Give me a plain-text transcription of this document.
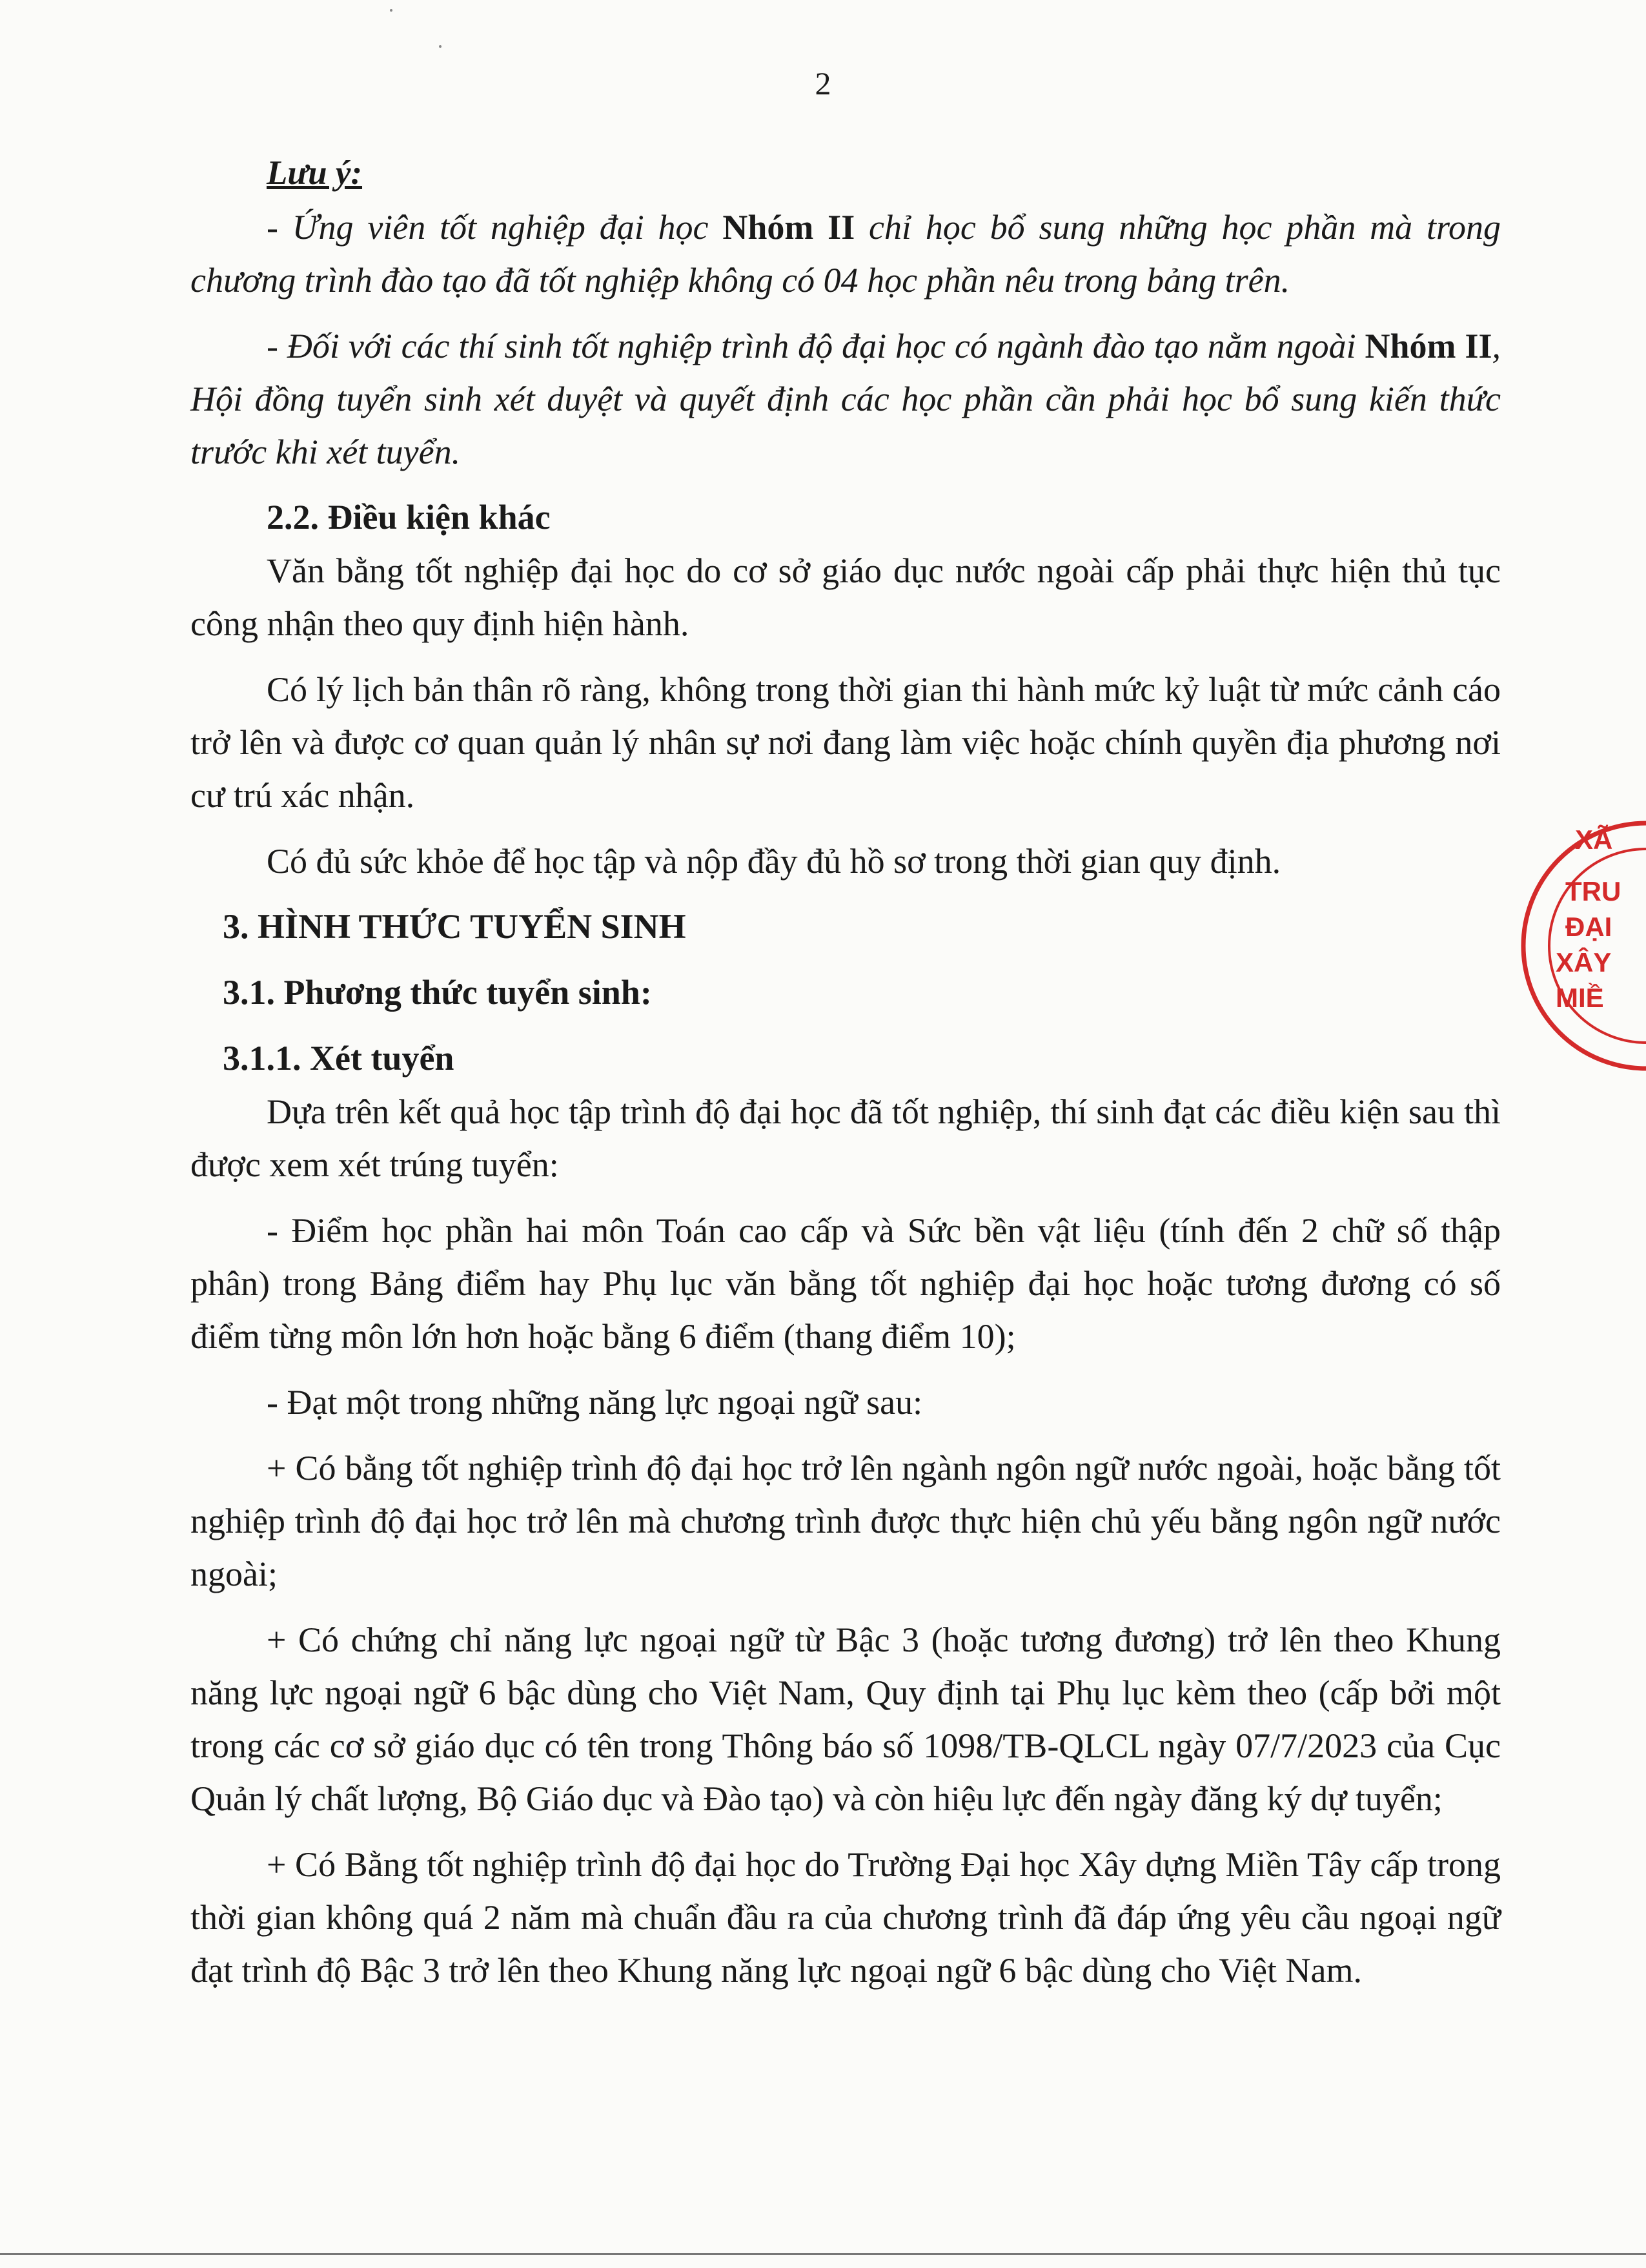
2
Lưu ý:

- Ứng viên tốt nghiệp đại học Nhóm II chỉ học bổ sung những học phần mà trong chương trình đào tạo đã tốt nghiệp không có 04 học phần nêu trong bảng trên.

- Đối với các thí sinh tốt nghiệp trình độ đại học có ngành đào tạo nằm ngoài Nhóm II, Hội đồng tuyển sinh xét duyệt và quyết định các học phần cần phải học bổ sung kiến thức trước khi xét tuyển.

2.2. Điều kiện khác

Văn bằng tốt nghiệp đại học do cơ sở giáo dục nước ngoài cấp phải thực hiện thủ tục công nhận theo quy định hiện hành.

Có lý lịch bản thân rõ ràng, không trong thời gian thi hành mức kỷ luật từ mức cảnh cáo trở lên và được cơ quan quản lý nhân sự nơi đang làm việc hoặc chính quyền địa phương nơi cư trú xác nhận.

Có đủ sức khỏe để học tập và nộp đầy đủ hồ sơ trong thời gian quy định.

3. HÌNH THỨC TUYỂN SINH
3.1. Phương thức tuyển sinh:
3.1.1. Xét tuyển

Dựa trên kết quả học tập trình độ đại học đã tốt nghiệp, thí sinh đạt các điều kiện sau thì được xem xét trúng tuyển:

- Điểm học phần hai môn Toán cao cấp và Sức bền vật liệu (tính đến 2 chữ số thập phân) trong Bảng điểm hay Phụ lục văn bằng tốt nghiệp đại học hoặc tương đương có số điểm từng môn lớn hơn hoặc bằng 6 điểm (thang điểm 10);

- Đạt một trong những năng lực ngoại ngữ sau:

+ Có bằng tốt nghiệp trình độ đại học trở lên ngành ngôn ngữ nước ngoài, hoặc bằng tốt nghiệp trình độ đại học trở lên mà chương trình được thực hiện chủ yếu bằng ngôn ngữ nước ngoài;

+ Có chứng chỉ năng lực ngoại ngữ từ Bậc 3 (hoặc tương đương) trở lên theo Khung năng lực ngoại ngữ 6 bậc dùng cho Việt Nam, Quy định tại Phụ lục kèm theo (cấp bởi một trong các cơ sở giáo dục có tên trong Thông báo số 1098/TB-QLCL ngày 07/7/2023 của Cục Quản lý chất lượng, Bộ Giáo dục và Đào tạo) và còn hiệu lực đến ngày đăng ký dự tuyển;

+ Có Bằng tốt nghiệp trình độ đại học do Trường Đại học Xây dựng Miền Tây cấp trong thời gian không quá 2 năm mà chuẩn đầu ra của chương trình đã đáp ứng yêu cầu ngoại ngữ đạt trình độ Bậc 3 trở lên theo Khung năng lực ngoại ngữ 6 bậc dùng cho Việt Nam.

XÃ
TRU
ĐẠI
XÂY
MIỀ
